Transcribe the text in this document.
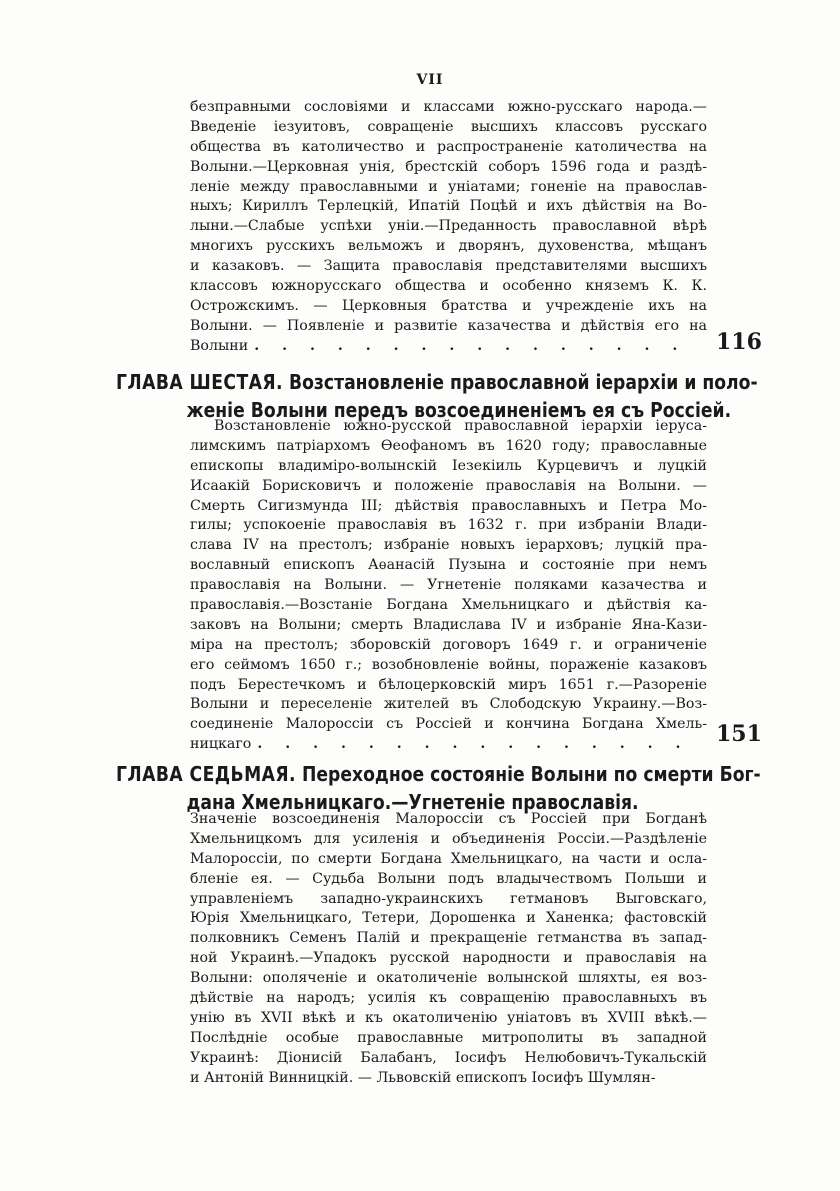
VII
безправными сословіями и классами южно-русскаго народа.—
Введеніе іезуитовъ, совращеніе высшихъ классовъ русскаго
общества въ католичество и распространеніе католичества на
Волыни.—Церковная унія, брестскій соборъ 1596 года и раздѣ-
леніе между православными и уніатами; гоненіе на православ-
ныхъ; Кириллъ Терлецкій, Ипатій Поцѣй и ихъ дѣйствія на Во-
лыни.—Слабые успѣхи уніи.—Преданность православной вѣрѣ
многихъ русскихъ вельможъ и дворянъ, духовенства, мѣщанъ
и казаковъ. — Защита православія представителями высшихъ
классовъ южнорусскаго общества и особенно княземъ К. К.
Острожскимъ. — Церковныя братства и учрежденіе ихъ на
Волыни. — Появленіе и развитіе казачества и дѣйствія его на
Волыни . . . . . . . . . . . . . . . .	116
ГЛАВА ШЕСТАЯ. Возстановленіе православной іерархіи и поло-
женіе Волыни передъ возсоединеніемъ ея съ Россіей.
Возстановленіе южно-русской православной іерархіи іеруса-
лимскимъ патріархомъ Ѳеофаномъ въ 1620 году; православные
епископы владиміро-волынскій Іезекіиль Курцевичъ и луцкій
Исаакій Борисковичъ и положеніе православія на Волыни. —
Смерть Сигизмунда III; дѣйствія православныхъ и Петра Мо-
гилы; успокоеніе православія въ 1632 г. при избраніи Влади-
слава IV на престолъ; избраніе новыхъ іерарховъ; луцкій пра-
вославный епископъ Аѳанасій Пузына и состояніе при немъ
православія на Волыни. — Угнетеніе поляками казачества и
православія.—Возстаніе Богдана Хмельницкаго и дѣйствія ка-
заковъ на Волыни; смерть Владислава IV и избраніе Яна-Кази-
міра на престолъ; зборовскій договоръ 1649 г. и ограниченіе
его сеймомъ 1650 г.; возобновленіе войны, пораженіе казаковъ
подъ Берестечкомъ и бѣлоцерковскій миръ 1651 г.—Разореніе
Волыни и переселеніе жителей въ Слободскую Украину.—Воз-
соединеніе Малороссіи съ Россіей и кончина Богдана Хмель-
ницкаго . . . . . . . . . . . . . . . .	151
ГЛАВА СЕДЬМАЯ. Переходное состояніе Волыни по смерти Бог-
дана Хмельницкаго.—Угнетеніе православія.
Значеніе возсоединенія Малороссіи съ Россіей при Богданѣ
Хмельницкомъ для усиленія и объединенія Россіи.—Раздѣленіе
Малороссіи, по смерти Богдана Хмельницкаго, на части и осла-
бленіе ея. — Судьба Волыни подъ владычествомъ Польши и
управленіемъ западно-украинскихъ гетмановъ Выговскаго,
Юрія Хмельницкаго, Тетери, Дорошенка и Ханенка; фастовскій
полковникъ Семенъ Палій и прекращеніе гетманства въ запад-
ной Украинѣ.—Упадокъ русской народности и православія на
Волыни: ополяченіе и окатоличеніе волынской шляхты, ея воз-
дѣйствіе на народъ; усилія къ совращенію православныхъ въ
унію въ XVII вѣкѣ и къ окатоличенію уніатовъ въ XVIII вѣкѣ.—
Послѣдніе особые православные митрополиты въ западной
Украинѣ: Діонисій Балабанъ, Іосифъ Нелюбовичъ-Тукальскій
и Антоній Винницкій. — Львовскій епископъ Іосифъ Шумлян-
